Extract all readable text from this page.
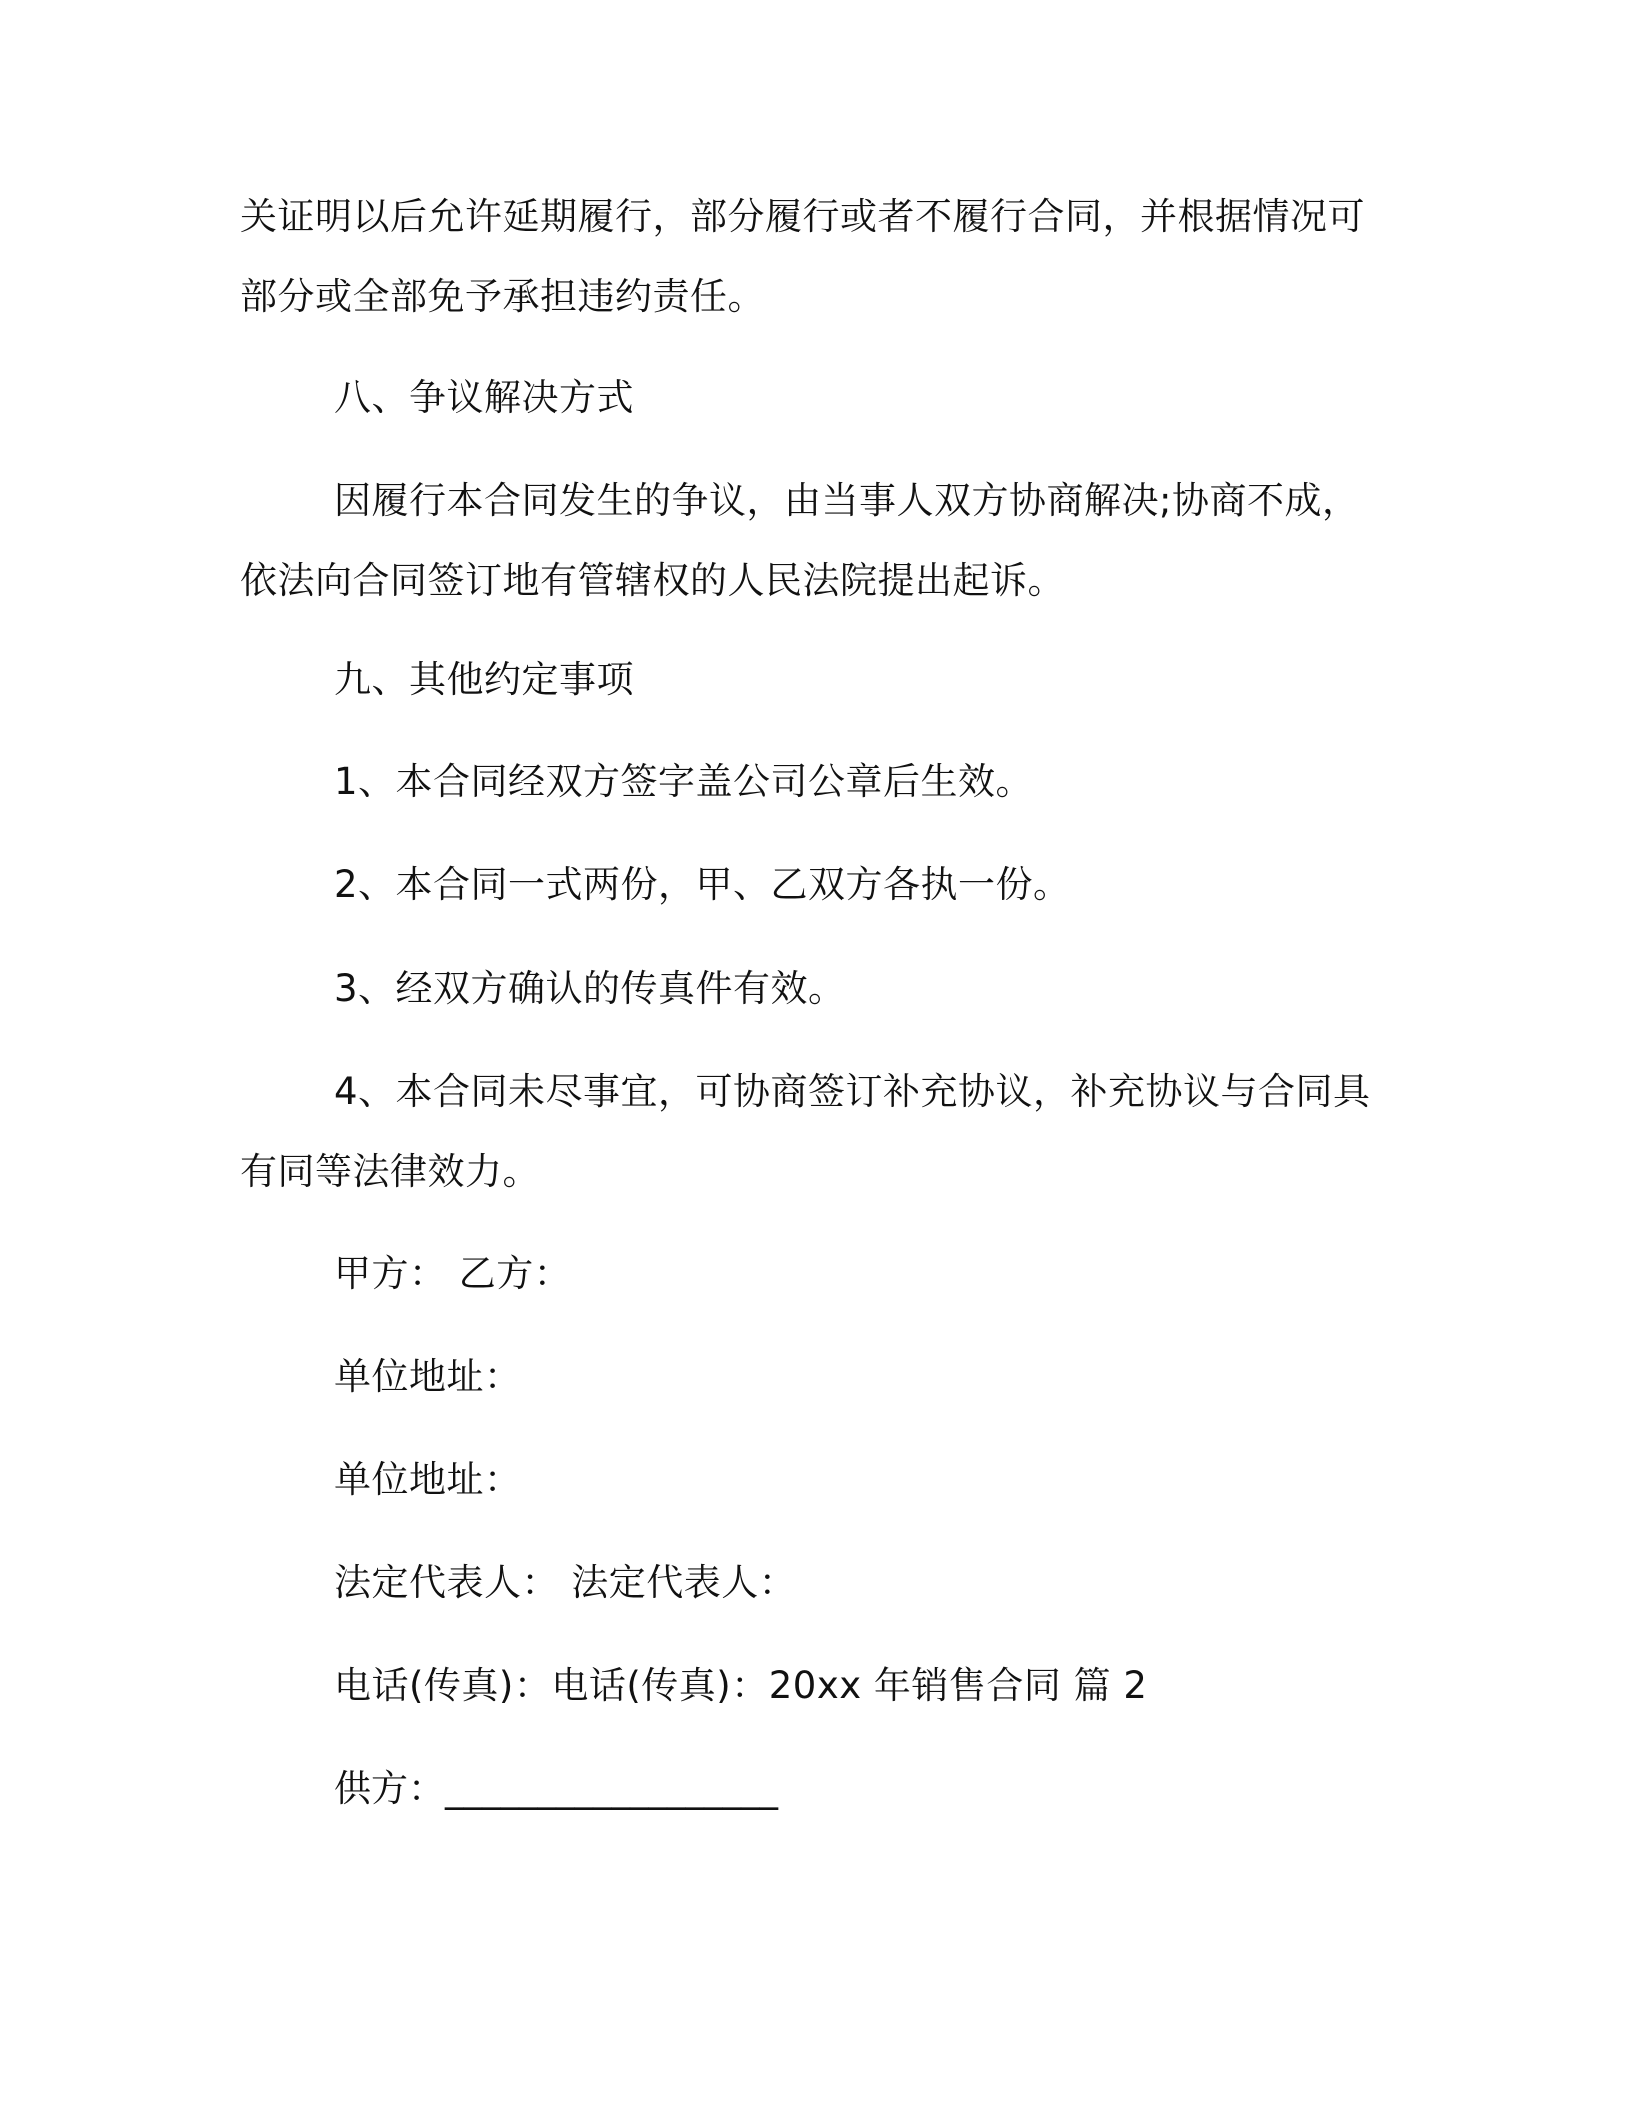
关证明以后允许延期履行，部分履行或者不履行合同，并根据情况可
部分或全部免予承担违约责任。
八、争议解决方式
因履行本合同发生的争议，由当事人双方协商解决;协商不成，
依法向合同签订地有管辖权的人民法院提出起诉。
九、其他约定事项
1、本合同经双方签字盖公司公章后生效。
2、本合同一式两份，甲、乙双方各执一份。
3、经双方确认的传真件有效。
4、本合同未尽事宜，可协商签订补充协议，补充协议与合同具
有同等法律效力。
甲方： 乙方：
单位地址：
单位地址：
法定代表人： 法定代表人：
电话(传真)：电话(传真)：20xx 年销售合同 篇 2
供方：__________________
